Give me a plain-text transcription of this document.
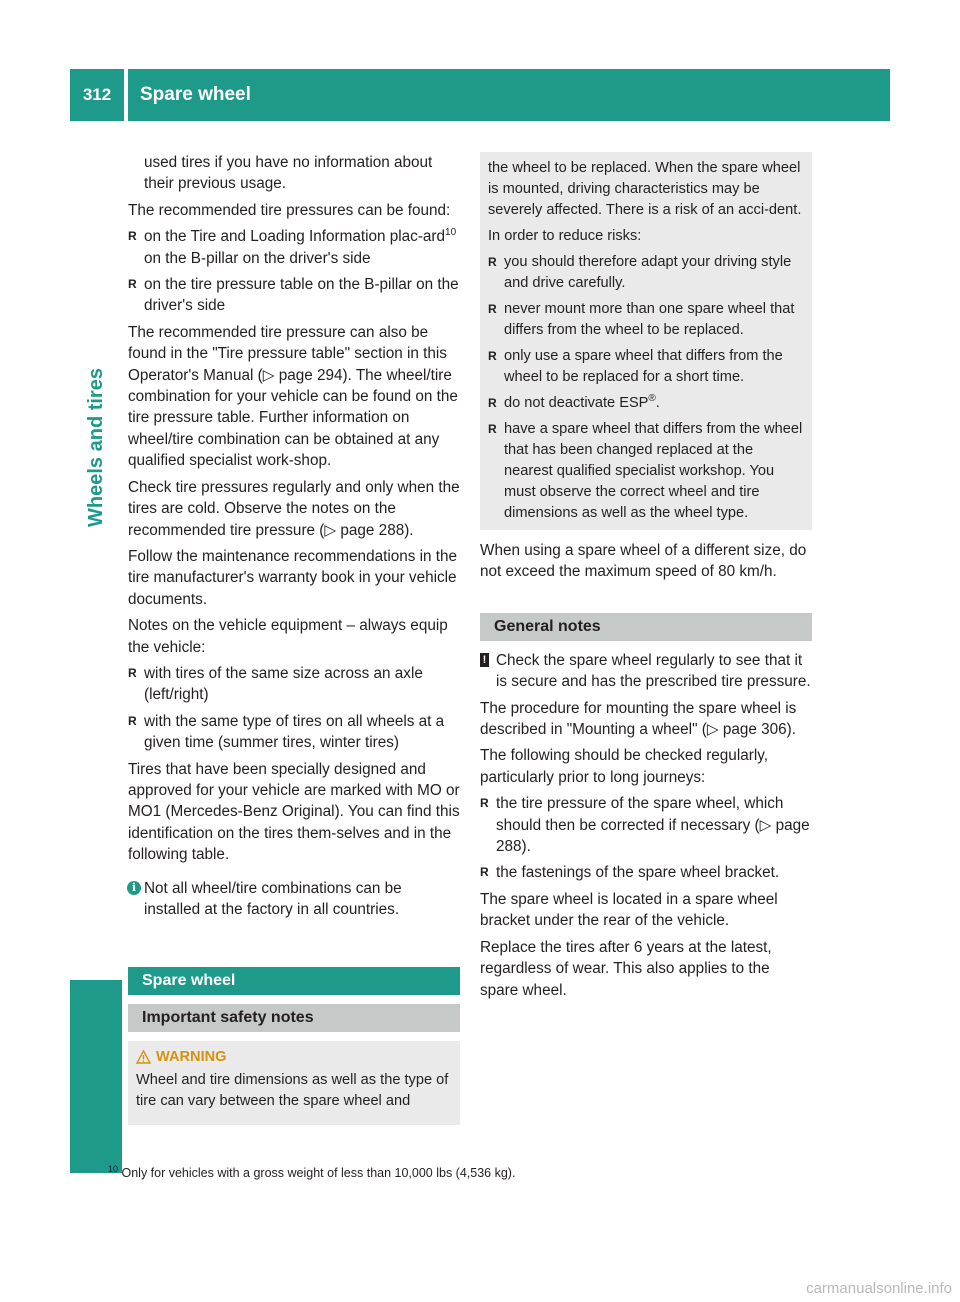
312	Spare wheel
Wheels and tires

used tires if you have no information about their previous usage.

The recommended tire pressures can be found:

R on the Tire and Loading Information plac-ard$^{10}$ on the B-pillar on the driver's side
R on the tire pressure table on the B-pillar on the driver's side

The recommended tire pressure can also be found in the "Tire pressure table" section in this Operator's Manual (▷ page 294). The wheel/tire combination for your vehicle can be found on the tire pressure table. Further information on wheel/tire combination can be obtained at any qualified specialist work-shop.

Check tire pressures regularly and only when the tires are cold. Observe the notes on the recommended tire pressure (▷ page 288).

Follow the maintenance recommendations in the tire manufacturer's warranty book in your vehicle documents.

Notes on the vehicle equipment – always equip the vehicle:

R with tires of the same size across an axle (left/right)
R with the same type of tires on all wheels at a given time (summer tires, winter tires)

Tires that have been specially designed and approved for your vehicle are marked with MO or MO1 (Mercedes-Benz Original). You can find this identification on the tires them-selves and in the following table.

i Not all wheel/tire combinations can be installed at the factory in all countries.
Spare wheel
Important safety notes
WARNING

Wheel and tire dimensions as well as the type of tire can vary between the spare wheel and

the wheel to be replaced. When the spare wheel is mounted, driving characteristics may be severely affected. There is a risk of an acci-dent.

In order to reduce risks:

R you should therefore adapt your driving style and drive carefully.
R never mount more than one spare wheel that differs from the wheel to be replaced.
R only use a spare wheel that differs from the wheel to be replaced for a short time.
R do not deactivate ESP®.
R have a spare wheel that differs from the wheel that has been changed replaced at the nearest qualified specialist workshop. You must observe the correct wheel and tire dimensions as well as the wheel type.

When using a spare wheel of a different size, do not exceed the maximum speed of 80 km/h.

General notes
! Check the spare wheel regularly to see that it is secure and has the prescribed tire pressure.

The procedure for mounting the spare wheel is described in "Mounting a wheel" (▷ page 306).

The following should be checked regularly, particularly prior to long journeys:

R the tire pressure of the spare wheel, which should then be corrected if necessary (▷ page 288).
R the fastenings of the spare wheel bracket.

The spare wheel is located in a spare wheel bracket under the rear of the vehicle.

Replace the tires after 6 years at the latest, regardless of wear. This also applies to the spare wheel.

$^{10}$ Only for vehicles with a gross weight of less than 10,000 lbs (4,536 kg).
carmanualsonline.info
